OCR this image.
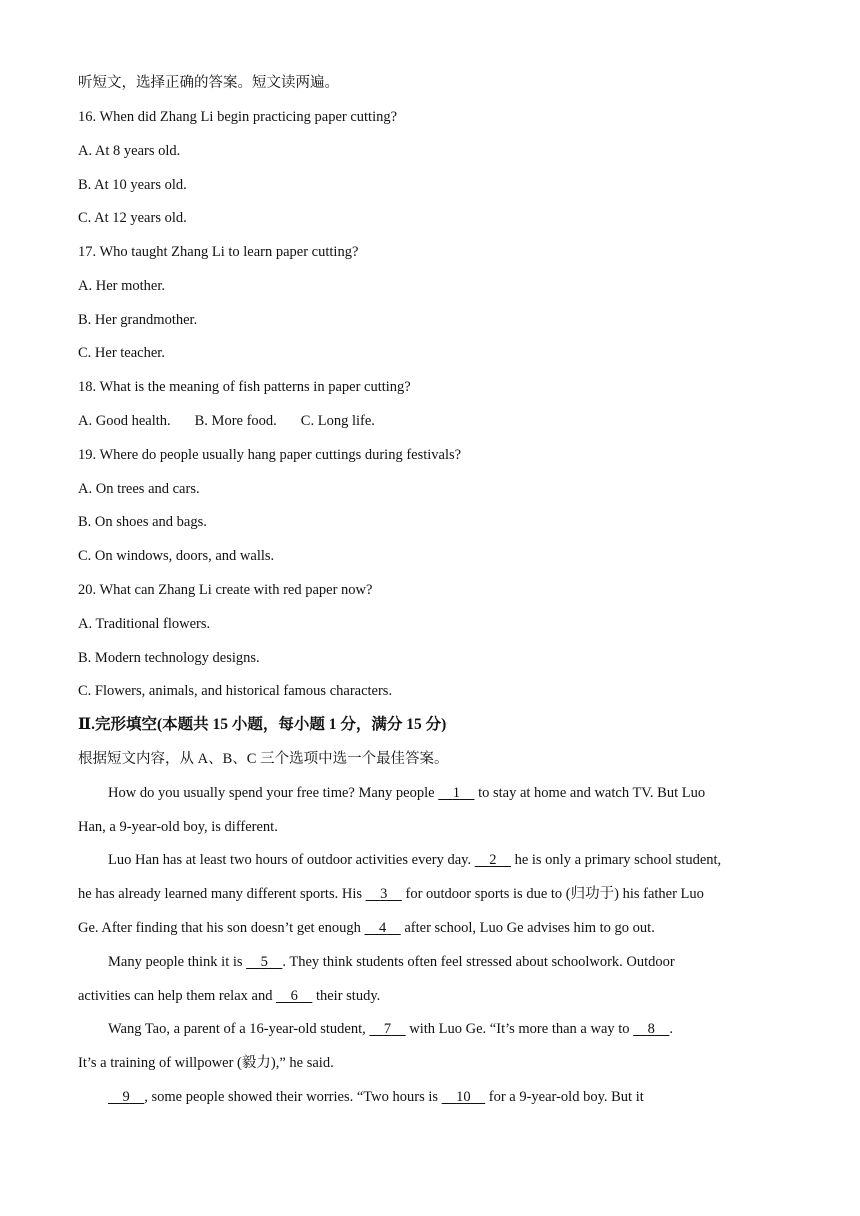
听短文，选择正确的答案。短文读两遍。
16. When did Zhang Li begin practicing paper cutting?
A. At 8 years old.
B. At 10 years old.
C. At 12 years old.
17. Who taught Zhang Li to learn paper cutting?
A. Her mother.
B. Her grandmother.
C. Her teacher.
18. What is the meaning of fish patterns in paper cutting?
A. Good health. B. More food. C. Long life.
19. Where do people usually hang paper cuttings during festivals?
A. On trees and cars.
B. On shoes and bags.
C. On windows, doors, and walls.
20. What can Zhang Li create with red paper now?
A. Traditional flowers.
B. Modern technology designs.
C. Flowers, animals, and historical famous characters.
Ⅱ.完形填空(本题共 15 小题，每小题 1 分，满分 15 分)
根据短文内容，从 A、B、C 三个选项中选一个最佳答案。
How do you usually spend your free time? Many people     1     to stay at home and watch TV. But Luo
Han, a 9-year-old boy, is different.
Luo Han has at least two hours of outdoor activities every day.     2     he is only a primary school student,
he has already learned many different sports. His     3     for outdoor sports is due to (归功于) his father Luo
Ge. After finding that his son doesn’t get enough     4     after school, Luo Ge advises him to go out.
Many people think it is     5 . They think students often feel stressed about schoolwork. Outdoor
activities can help them relax and     6     their study.
Wang Tao, a parent of a 16-year-old student,     7     with Luo Ge. “It’s more than a way to     8 .
It’s a training of willpower (毅力),” he said.
9 , some people showed their worries. “Two hours is     10     for a 9-year-old boy. But it
